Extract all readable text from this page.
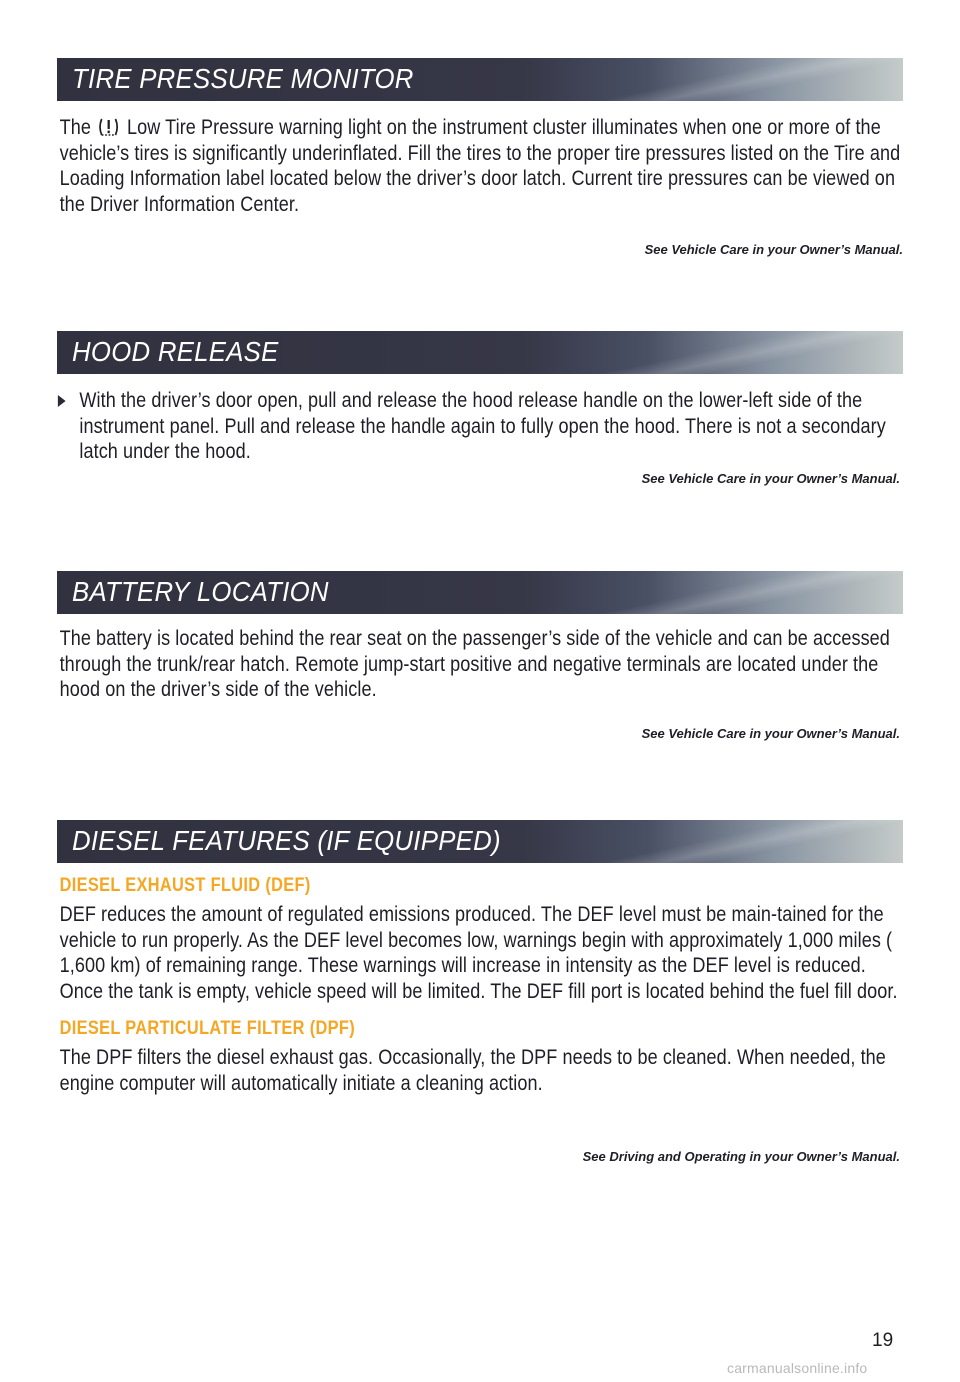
TIRE PRESSURE MONITOR

The Low Tire Pressure warning light on the instrument cluster illuminates when one or more of the vehicle’s tires is significantly underinflated. Fill the tires to the proper tire pressures listed on the Tire and Loading Information label located below the driver’s door latch. Current tire pressures can be viewed on the Driver Information Center.

See Vehicle Care in your Owner’s Manual.

HOOD RELEASE

With the driver’s door open, pull and release the hood release handle on the lower-left side of the instrument panel. Pull and release the handle again to fully open the hood. There is not a secondary latch under the hood.

See Vehicle Care in your Owner’s Manual.

BATTERY LOCATION

The battery is located behind the rear seat on the passenger’s side of the vehicle and can be accessed through the trunk/rear hatch. Remote jump-start positive and negative terminals are located under the hood on the driver’s side of the vehicle.

See Vehicle Care in your Owner’s Manual.

DIESEL FEATURES (IF EQUIPPED)
DIESEL EXHAUST FLUID (DEF)

DEF reduces the amount of regulated emissions produced. The DEF level must be main-tained for the vehicle to run properly. As the DEF level becomes low, warnings begin with approximately 1,000 miles ( 1,600 km) of remaining range. These warnings will increase in intensity as the DEF level is reduced. Once the tank is empty, vehicle speed will be limited. The DEF fill port is located behind the fuel fill door.

DIESEL PARTICULATE FILTER (DPF)

The DPF filters the diesel exhaust gas. Occasionally, the DPF needs to be cleaned. When needed, the engine computer will automatically initiate a cleaning action.

See Driving and Operating in your Owner’s Manual.

19
carmanualsonline.info
